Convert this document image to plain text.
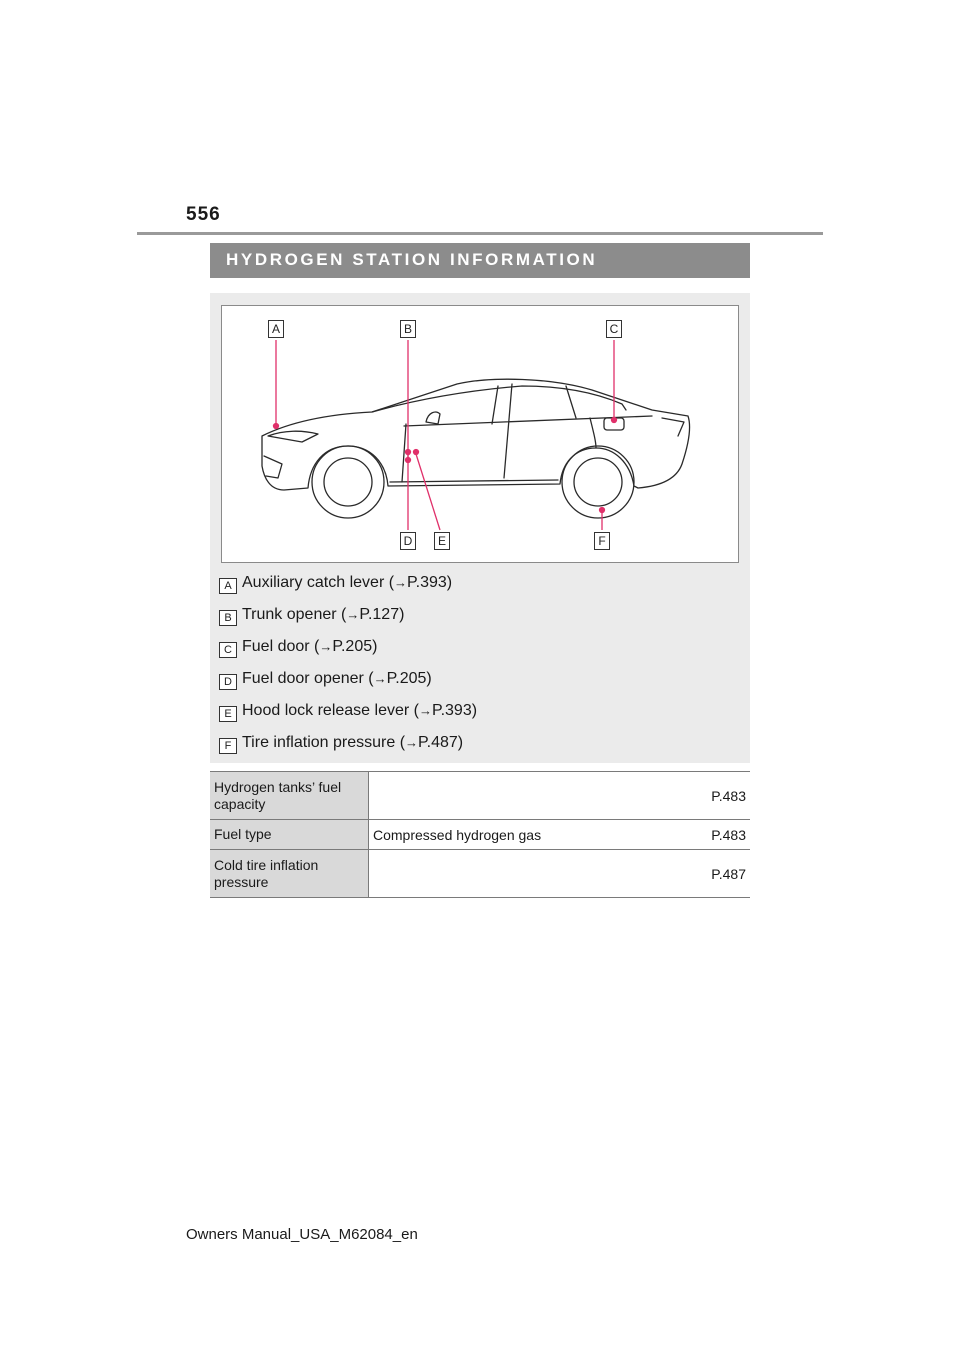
556
HYDROGEN STATION INFORMATION
A	B	C
D	E	F
A Auxiliary catch lever (→P.393)
B Trunk opener (→P.127)
C Fuel door (→P.205)
D Fuel door opener (→P.205)
E Hood lock release lever (→P.393)
F Tire inflation pressure (→P.487)
Hydrogen tanks’ fuel capacity		P.483
Fuel type	Compressed hydrogen gas	P.483
Cold tire inflation pressure		P.487
Owners Manual_USA_M62084_en
